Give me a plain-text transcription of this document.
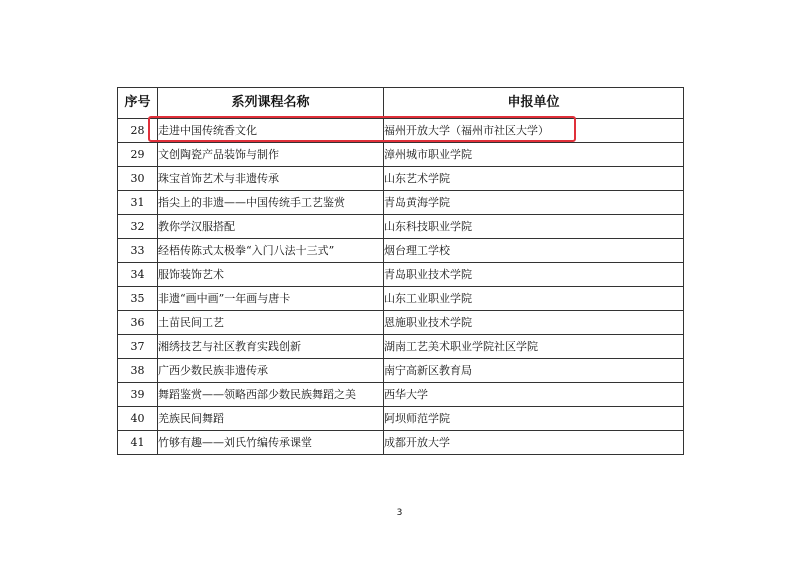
序号	系列课程名称	申报单位
28	走进中国传统香文化	福州开放大学（福州市社区大学）
29	文创陶瓷产品装饰与制作	漳州城市职业学院
30	珠宝首饰艺术与非遗传承	山东艺术学院
31	指尖上的非遗——中国传统手工艺鉴赏	青岛黄海学院
32	教你学汉服搭配	山东科技职业学院
33	经梧传陈式太极拳“入门八法十三式”	烟台理工学校
34	服饰装饰艺术	青岛职业技术学院
35	非遗“画中画”一年画与唐卡	山东工业职业学院
36	土苗民间工艺	恩施职业技术学院
37	湘绣技艺与社区教育实践创新	湖南工艺美术职业学院社区学院
38	广西少数民族非遗传承	南宁高新区教育局
39	舞蹈鉴赏——领略西部少数民族舞蹈之美	西华大学
40	羌族民间舞蹈	阿坝师范学院
41	竹够有趣——刘氏竹编传承课堂	成都开放大学
3
